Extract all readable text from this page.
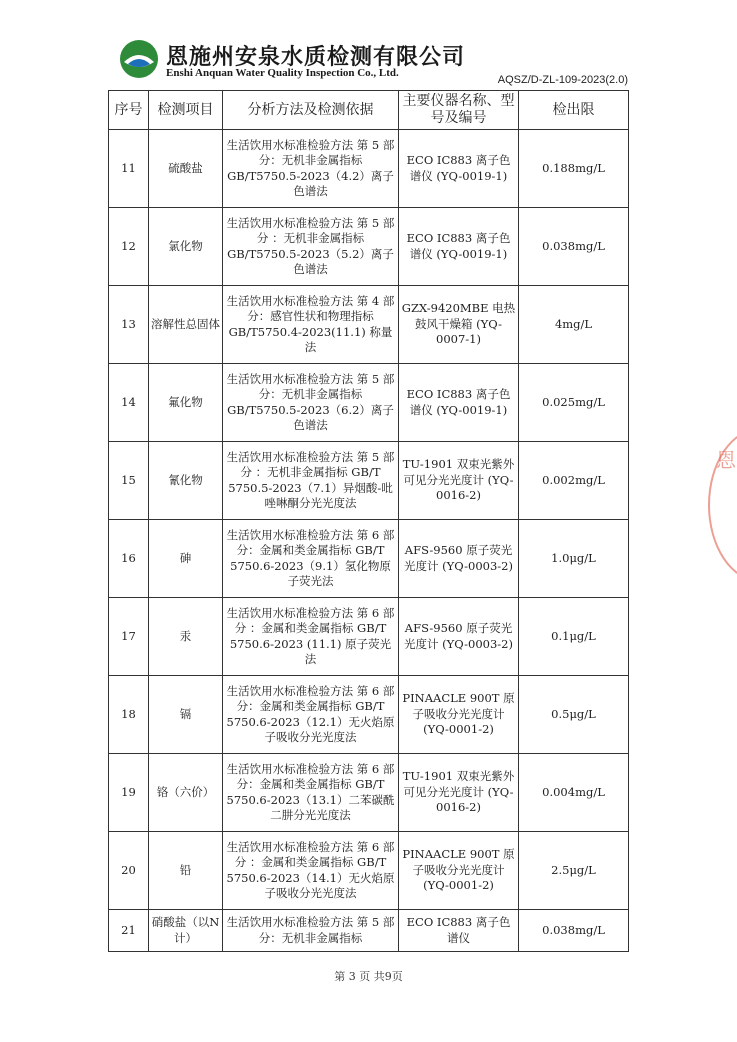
恩施州安泉水质检测有限公司
Enshi Anquan Water Quality Inspection Co., Ltd.
AQSZ/D-ZL-109-2023(2.0)
序号	检测项目	分析方法及检测依据	主要仪器名称、型号及编号	检出限
11	硫酸盐	生活饮用水标准检验方法 第 5 部分：无机非金属指标 GB/T5750.5-2023（4.2）离子色谱法	ECO IC883 离子色谱仪 (YQ-0019-1)	0.188mg/L
12	氯化物	生活饮用水标准检验方法 第 5 部分 ：无机非金属指标 GB/T5750.5-2023（5.2）离子色谱法	ECO IC883 离子色谱仪 (YQ-0019-1)	0.038mg/L
13	溶解性总固体	生活饮用水标准检验方法 第 4 部分：感官性状和物理指标 GB/T5750.4-2023(11.1) 称量法	GZX-9420MBE 电热鼓风干燥箱 (YQ-0007-1)	4mg/L
14	氟化物	生活饮用水标准检验方法 第 5 部分：无机非金属指标 GB/T5750.5-2023（6.2）离子色谱法	ECO IC883 离子色谱仪 (YQ-0019-1)	0.025mg/L
15	氰化物	生活饮用水标准检验方法 第 5 部分 ：无机非金属指标 GB/T 5750.5-2023（7.1）异烟酸-吡唑啉酮分光光度法	TU-1901 双束光紫外可见分光光度计 (YQ-0016-2)	0.002mg/L
16	砷	生活饮用水标准检验方法 第 6 部分：金属和类金属指标 GB/T 5750.6-2023（9.1）氢化物原子荧光法	AFS-9560 原子荧光光度计 (YQ-0003-2)	1.0μg/L
17	汞	生活饮用水标准检验方法 第 6 部分 ：金属和类金属指标 GB/T 5750.6-2023 (11.1) 原子荧光法	AFS-9560 原子荧光光度计 (YQ-0003-2)	0.1μg/L
18	镉	生活饮用水标准检验方法 第 6 部分：金属和类金属指标 GB/T 5750.6-2023（12.1）无火焰原子吸收分光光度法	PINAACLE 900T 原子吸收分光光度计 (YQ-0001-2)	0.5μg/L
19	铬（六价）	生活饮用水标准检验方法 第 6 部分：金属和类金属指标 GB/T 5750.6-2023（13.1）二苯碳酰二肼分光光度法	TU-1901 双束光紫外可见分光光度计 (YQ-0016-2)	0.004mg/L
20	铅	生活饮用水标准检验方法 第 6 部分 ：金属和类金属指标 GB/T 5750.6-2023（14.1）无火焰原子吸收分光光度法	PINAACLE 900T 原子吸收分光光度计 (YQ-0001-2)	2.5μg/L
21	硝酸盐（以N计）	生活饮用水标准检验方法 第 5 部分：无机非金属指标	ECO IC883 离子色谱仪	0.038mg/L
恩
第 3 页 共9页
